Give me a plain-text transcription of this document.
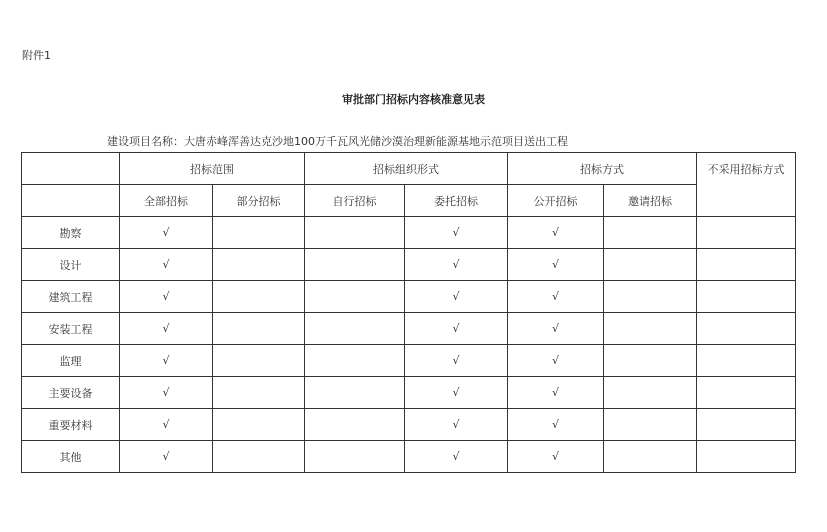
附件1
审批部门招标内容核准意见表
建设项目名称：大唐赤峰浑善达克沙地100万千瓦风光储沙漠治理新能源基地示范项目送出工程
	招标范围		招标组织形式		招标方式		不采用招标方式
	全部招标	部分招标	自行招标	委托招标	公开招标	邀请招标	
勘察	√			√	√		
设计	√			√	√		
建筑工程	√			√	√		
安装工程	√			√	√		
监理	√			√	√		
主要设备	√			√	√		
重要材料	√			√	√		
其他	√			√	√		
